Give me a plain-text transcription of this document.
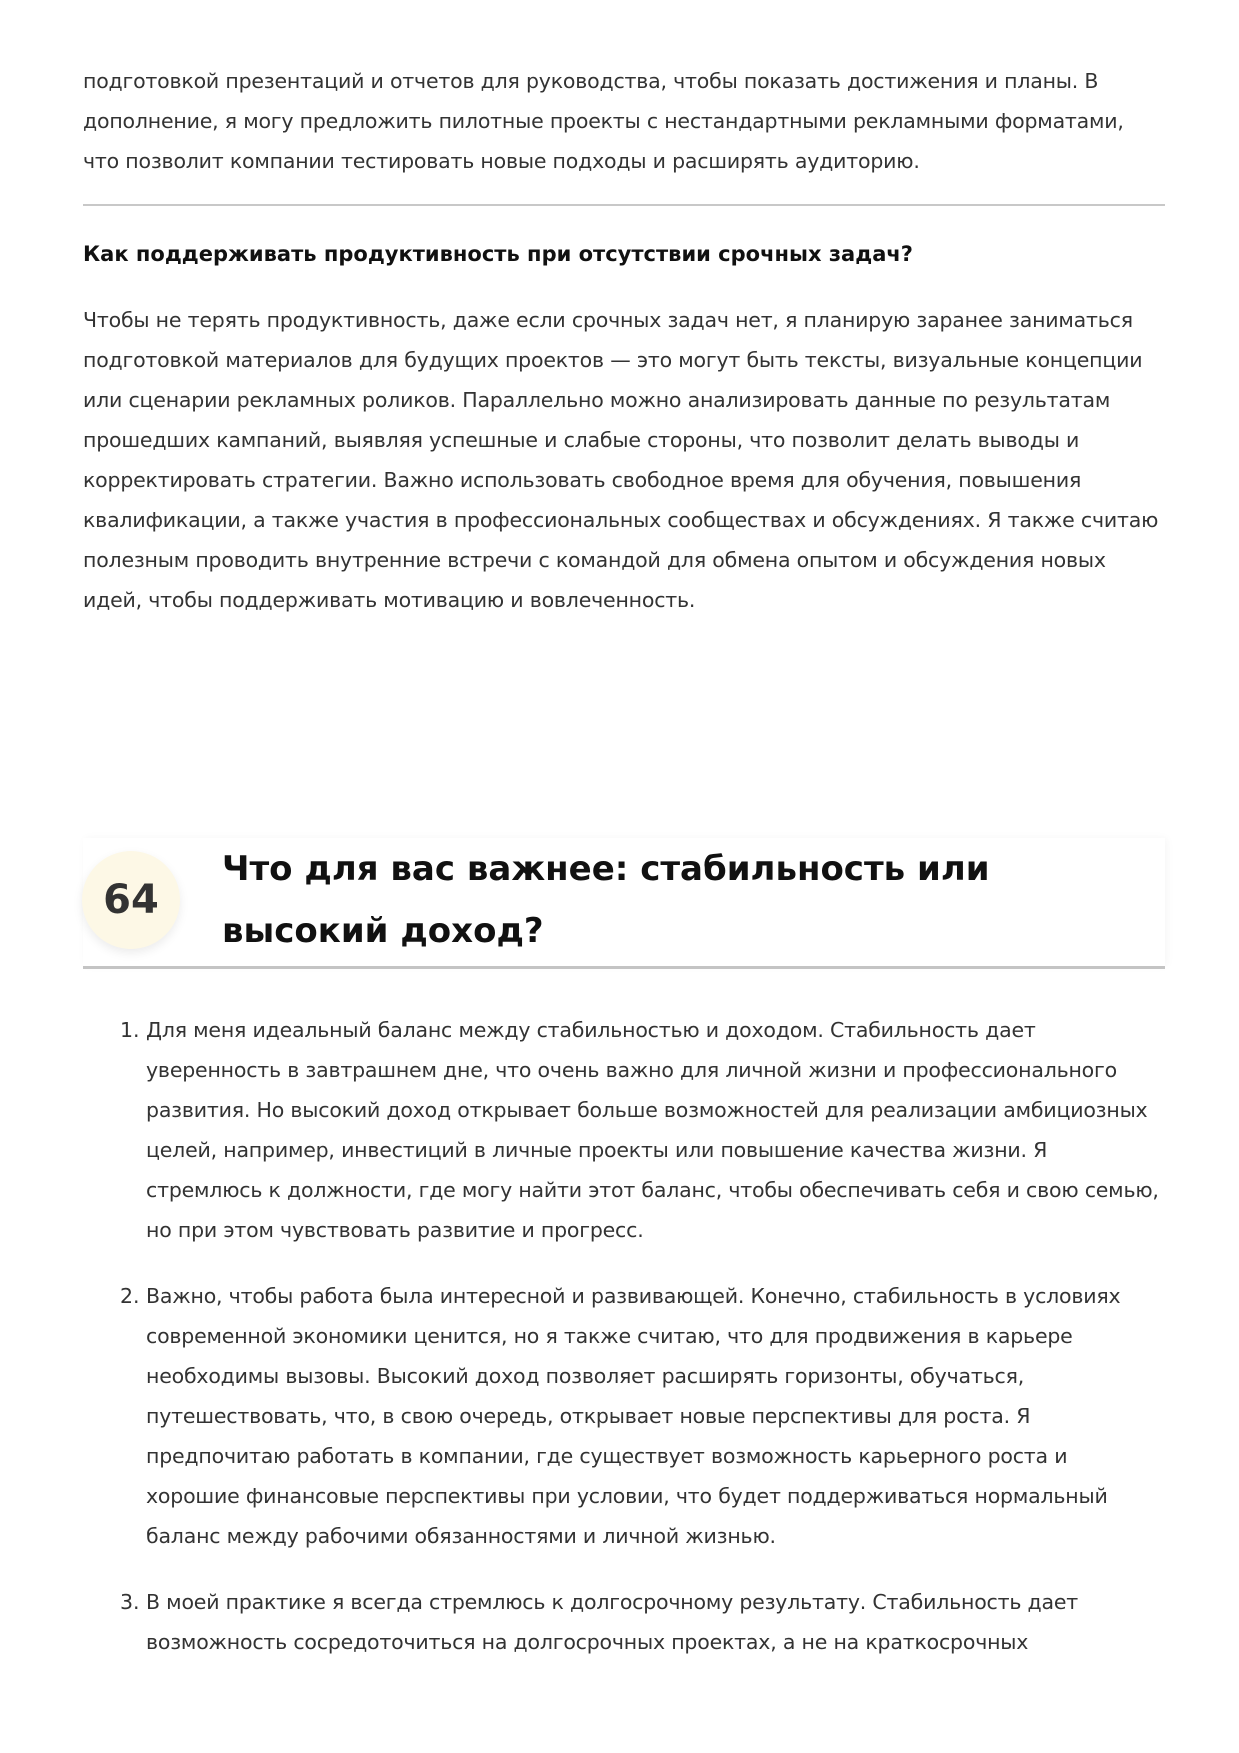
подготовкой презентаций и отчетов для руководства, чтобы показать достижения и планы. В дополнение, я могу предложить пилотные проекты с нестандартными рекламными форматами, что позволит компании тестировать новые подходы и расширять аудиторию.

Как поддерживать продуктивность при отсутствии срочных задач?

Чтобы не терять продуктивность, даже если срочных задач нет, я планирую заранее заниматься подготовкой материалов для будущих проектов — это могут быть тексты, визуальные концепции или сценарии рекламных роликов. Параллельно можно анализировать данные по результатам прошедших кампаний, выявляя успешные и слабые стороны, что позволит делать выводы и корректировать стратегии. Важно использовать свободное время для обучения, повышения квалификации, а также участия в профессиональных сообществах и обсуждениях. Я также считаю полезным проводить внутренние встречи с командой для обмена опытом и обсуждения новых идей, чтобы поддерживать мотивацию и вовлеченность.

64
Что для вас важнее: стабильность или высокий доход?
1. Для меня идеальный баланс между стабильностью и доходом. Стабильность дает уверенность в завтрашнем дне, что очень важно для личной жизни и профессионального развития. Но высокий доход открывает больше возможностей для реализации амбициозных целей, например, инвестиций в личные проекты или повышение качества жизни. Я стремлюсь к должности, где могу найти этот баланс, чтобы обеспечивать себя и свою семью, но при этом чувствовать развитие и прогресс.

2. Важно, чтобы работа была интересной и развивающей. Конечно, стабильность в условиях современной экономики ценится, но я также считаю, что для продвижения в карьере необходимы вызовы. Высокий доход позволяет расширять горизонты, обучаться, путешествовать, что, в свою очередь, открывает новые перспективы для роста. Я предпочитаю работать в компании, где существует возможность карьерного роста и хорошие финансовые перспективы при условии, что будет поддерживаться нормальный баланс между рабочими обязанностями и личной жизнью.

3. В моей практике я всегда стремлюсь к долгосрочному результату. Стабильность дает возможность сосредоточиться на долгосрочных проектах, а не на краткосрочных
